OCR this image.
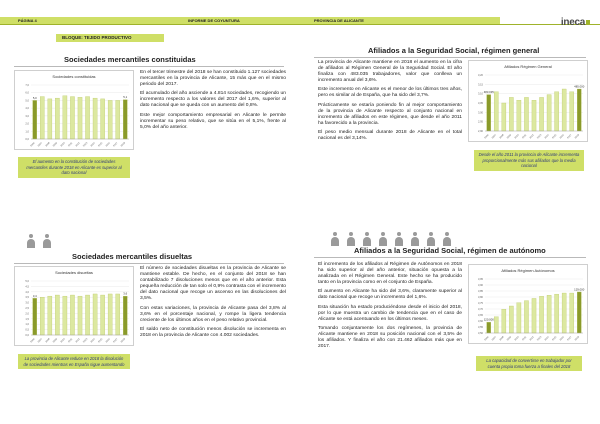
PÁGINA 4	INFORME DE COYUNTURA
BLOQUE: TEJIDO PRODUCTIVO
Sociedades mercantiles constituidas
7,0
6,0
5,0
4,0
3,0
2,0
1,0
0,0
2006 2007 2008 2009 2010 2011 2012 2013 2014 2015 2016 2017 2018
5,0	5,1
Sociedades constituidas
El aumento en la constitución de sociedades mercantiles durante 2018 en Alicante es superior al dato nacional

En el tercer trimestre del 2018 se han constituido 1.127 sociedades mercantiles en la provincia de Alicante, 15 más que en el mismo periodo del 2017.

El acumulado del año asciende a 4.814 sociedades, recogiendo un incremento respecto a los valores del 2017 del 1,6%, superior al dato nacional que se queda con un aumento del 0,8%.

Este mejor comportamiento empresarial en Alicante le permite incrementar su peso relativo, que se sitúa en el 5,1%, frente al 5,0% del año anterior.

Sociedades mercantiles disueltas
5,0
4,5
4,0
3,5
3,0
2,5
2,0
1,5
1,0
0,5
0,0
2006 2007 2008 2009 2010 2011 2012 2013 2014 2015 2016 2017 2018
3,4
3,6
Sociedades disueltas
La provincia de Alicante reduce en 2018 la disolución de sociedades mientras en España sigue aumentando

El número de sociedades disueltas en la provincia de Alicante se mantiene estable. De hecho, en el conjunto del 2018 se han contabilizado 7 disoluciones menos que en el año anterior. Esta pequeña reducción de tan solo el 0,9% contrasta con el incremento del dato nacional que recoge un ascenso en las disoluciones del 3,5%.

Con estas variaciones, la provincia de Alicante pasa del 3,8% al 3,6% en el porcentaje nacional, y rompe la ligera tendencia creciente de los últimos años en el peso relativo provincial.

El saldo neto de constitución menos disolución se incrementa en 2018 en la provincia de Alicante con 4.002 sociedades.

PROVINCIA DE ALICANTE	ineca
Afiliados a la Seguridad Social, régimen general

La provincia de Alicante mantiene en 2018 el aumento en la cifra de afiliados al Régimen General de la Seguridad Social. El año finaliza con 483.035 trabajadores, valor que conlleva un incremento anual del 3,6%.

Este incremento en Alicante es el menor de los últimos tres años, pero es similar al de España, que ha sido del 3,7%.

Prácticamente se estaría poniendo fin al mejor comportamiento de la provincia de Alicante respecto al conjunto nacional en incremento de afiliados en este régimen, que desde el año 2011 ha favorecido a la provincia.

El peso medio mensual durante 2018 de Alicante en el total nacional es del 3,14%.

3,20
3,15
3,10
3,05
3,00
2,95
2,90
2006 2007 2008 2009 2010 2011 2012 2013 2014 2015 2016 2017 2018
483.035
485.000
Afiliados Régimen General
Desde el año 2011 la provincia de Alicante incrementa proporcionalmente más sus afiliados que la media nacional
Afiliados a la Seguridad Social, régimen de autónomo

El incremento de los afiliados al Régimen de Autónomos en 2018 ha sido superior al del año anterior, situación opuesta a la analizada en el Régimen General. Este hecho se ha producido tanto en la provincia como en el conjunto de España.

El aumento en Alicante ha sido del 3,6%, claramente superior al dato nacional que recoge un incremento del 1,6%.

Esta situación ha estado produciéndose desde el inicio del 2018, por lo que muestra un cambio de tendencia que en el caso de Alicante se está acentuando en los últimos meses.

Tomando conjuntamente los dos regímenes, la provincia de Alicante mantiene en 2018 su posición nacional con el 3,5% de los afiliados. Y finaliza el año con 21.462 afiliados más que en 2017.

3,95
3,90
3,85
3,80
3,75
3,70
3,65
3,60
3,55
3,50
2006 2007 2008 2009 2010 2011 2012 2013 2014 2015 2016 2017 2018
120.000
129.000
Afiliados Régimen Autónomos
La capacidad de convertirse en trabajador por cuenta propia toma fuerza a finales del 2018
